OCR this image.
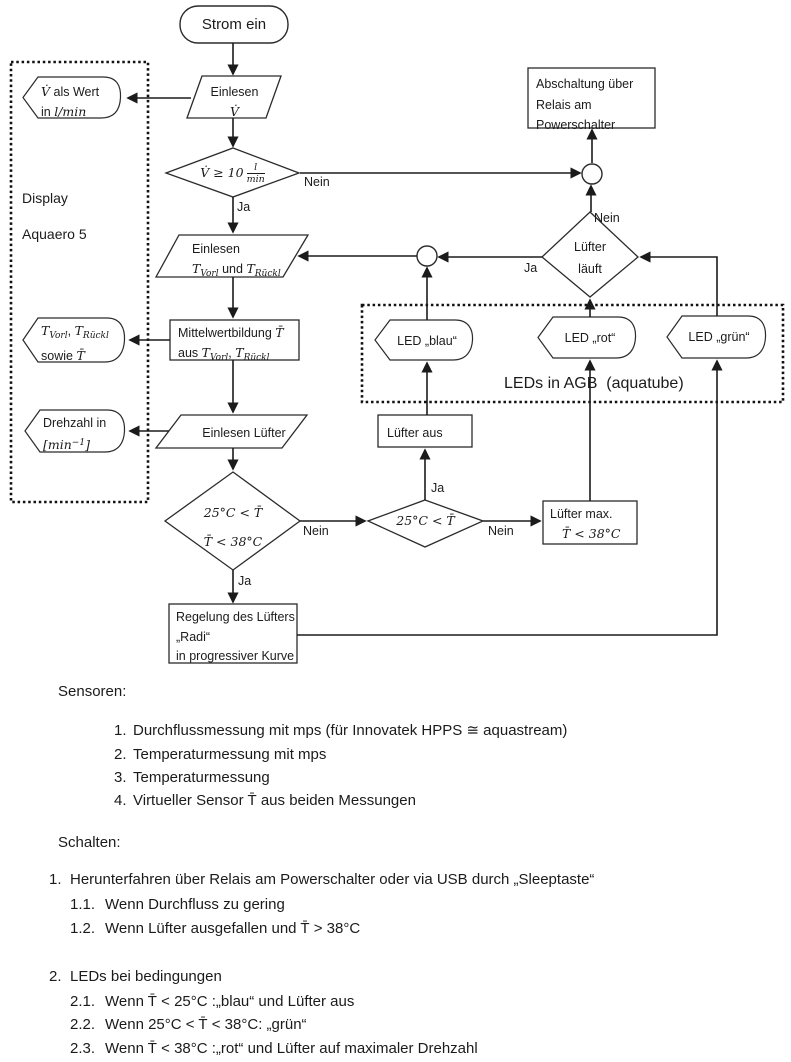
Strom ein
Abschaltung über
Relais am
Powerschalter
Einlesen
V̇
V̇ als Wert
in l/min
V̇ ≥ $10 \frac{l}{\min}$	Nein
Ja
Einlesen
$T_{Vorl}$ und $T_{Rückl}$
Mittelwertbildung T̄
aus $T_{Vorl}$, $T_{Rückl}$
$T_{Vorl}$, $T_{Rückl}$
sowie T̄
Drehzahl in
$[\min^{-1}]$
Einlesen Lüfter
25°C < T̄
T̄ < 38°C
Nein
Ja
25°C < T̄
Ja
Nein
Lüfter aus
Lüfter max.
T̄ < 38°C
Regelung des Lüfters
„Radi“
in progressiver Kurve
LED „blau“	LED „rot“	LED „grün“
Lüfter
läuft
Nein
Ja
Display
Aquaero 5
LEDs in AGB  (aquatube)
Sensoren:
1. Durchflussmessung mit mps (für Innovatek HPPS ≅ aquastream)
2. Temperaturmessung mit mps
3. Temperaturmessung
4. Virtueller Sensor T̄ aus beiden Messungen
Schalten:
1. Herunterfahren über Relais am Powerschalter oder via USB durch „Sleeptaste“
1.1. Wenn Durchfluss zu gering
1.2. Wenn Lüfter ausgefallen und T̄ > 38°C
2. LEDs bei bedingungen
2.1. Wenn T̄ < 25°C :„blau“ und Lüfter aus
2.2. Wenn 25°C < T̄ < 38°C: „grün“
2.3. Wenn T̄ < 38°C :„rot“ und Lüfter auf maximaler Drehzahl
